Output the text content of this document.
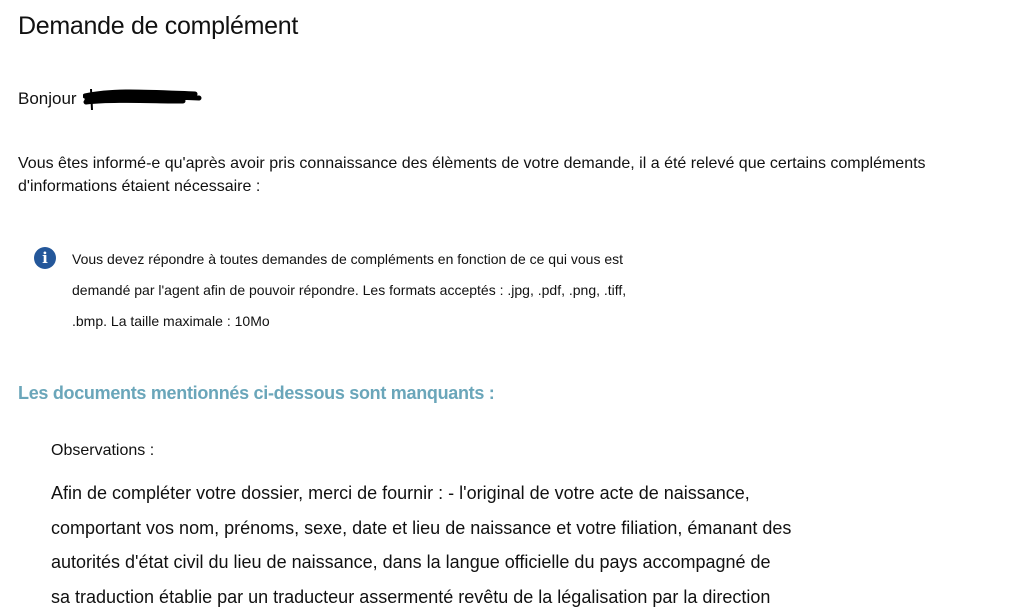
Demande de complément
Bonjour

Vous êtes informé-e qu'après avoir pris connaissance des élèments de votre demande, il a été relevé que certains compléments d'informations étaient nécessaire :

i	Vous devez répondre à toutes demandes de compléments en fonction de ce qui vous est
demandé par l'agent afin de pouvoir répondre. Les formats acceptés : .jpg, .pdf, .png, .tiff,
.bmp. La taille maximale : 10Mo
Les documents mentionnés ci-dessous sont manquants :
Observations :
Afin de compléter votre dossier, merci de fournir : - l'original de votre acte de naissance,
comportant vos nom, prénoms, sexe, date et lieu de naissance et votre filiation, émanant des
autorités d'état civil du lieu de naissance, dans la langue officielle du pays accompagné de
sa traduction établie par un traducteur assermenté revêtu de la légalisation par la direction
